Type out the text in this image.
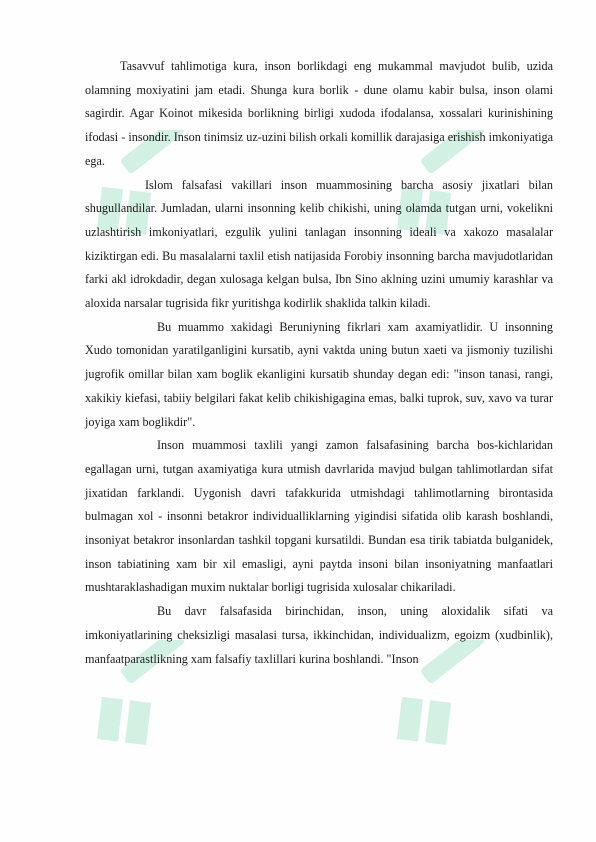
Tasavvuf tahlimotiga kura, inson borlikdagi eng mukammal mavjudot bulib, uzida olamning moxiyatini jam etadi. Shunga kura borlik - dune olamu kabir bulsa, inson olami sagirdir. Agar Koinot mikesida borlikning birligi xudoda ifodalansa, xossalari kurinishining ifodasi - insondir. Inson tinimsiz uz-uzini bilish orkali komillik darajasiga erishish imkoniyatiga ega.

Islom falsafasi vakillari inson muammosining barcha asosiy jixatlari bilan shugullandilar. Jumladan, ularni insonning kelib chikishi, uning olamda tutgan urni, vokelikni uzlashtirish imkoniyatlari, ezgulik yulini tanlagan insonning ideali va xakozo masalalar kiziktirgan edi. Bu masalalarni taxlil etish natijasida Forobiy insonning barcha mavjudotlaridan farki akl idrokdadir, degan xulosaga kelgan bulsa, Ibn Sino aklning uzini umumiy karashlar va aloxida narsalar tugrisida fikr yuritishga kodirlik shaklida talkin kiladi.

Bu muammo xakidagi Beruniyning fikrlari xam axamiyatlidir. U insonning Xudo tomonidan yaratilganligini kursatib, ayni vaktda uning butun xaeti va jismoniy tuzilishi jugrofik omillar bilan xam boglik ekanligini kursatib shunday degan edi: "inson tanasi, rangi, xakikiy kiefasi, tabiiy belgilari fakat kelib chikishigagina emas, balki tuprok, suv, xavo va turar joyiga xam boglikdir".

Inson muammosi taxlili yangi zamon falsafasining barcha bos-kichlaridan egallagan urni, tutgan axamiyatiga kura utmish davrlarida mavjud bulgan tahlimotlardan sifat jixatidan farklandi. Uygonish davri tafakkurida utmishdagi tahlimotlarning birontasida bulmagan xol - insonni betakror individualliklarning yigindisi sifatida olib karash boshlandi, insoniyat betakror insonlardan tashkil topgani kursatildi. Bundan esa tirik tabiatda bulganidek, inson tabiatining xam bir xil emasligi, ayni paytda insoni bilan insoniyatning manfaatlari mushtaraklashadigan muxim nuktalar borligi tugrisida xulosalar chikariladi.

Bu davr falsafasida birinchidan, inson, uning aloxidalik sifati va imkoniyatlarining cheksizligi masalasi tursa, ikkinchidan, individualizm, egoizm (xudbinlik), manfaatparastlikning xam falsafiy taxlillari kurina boshlandi. "Inson
